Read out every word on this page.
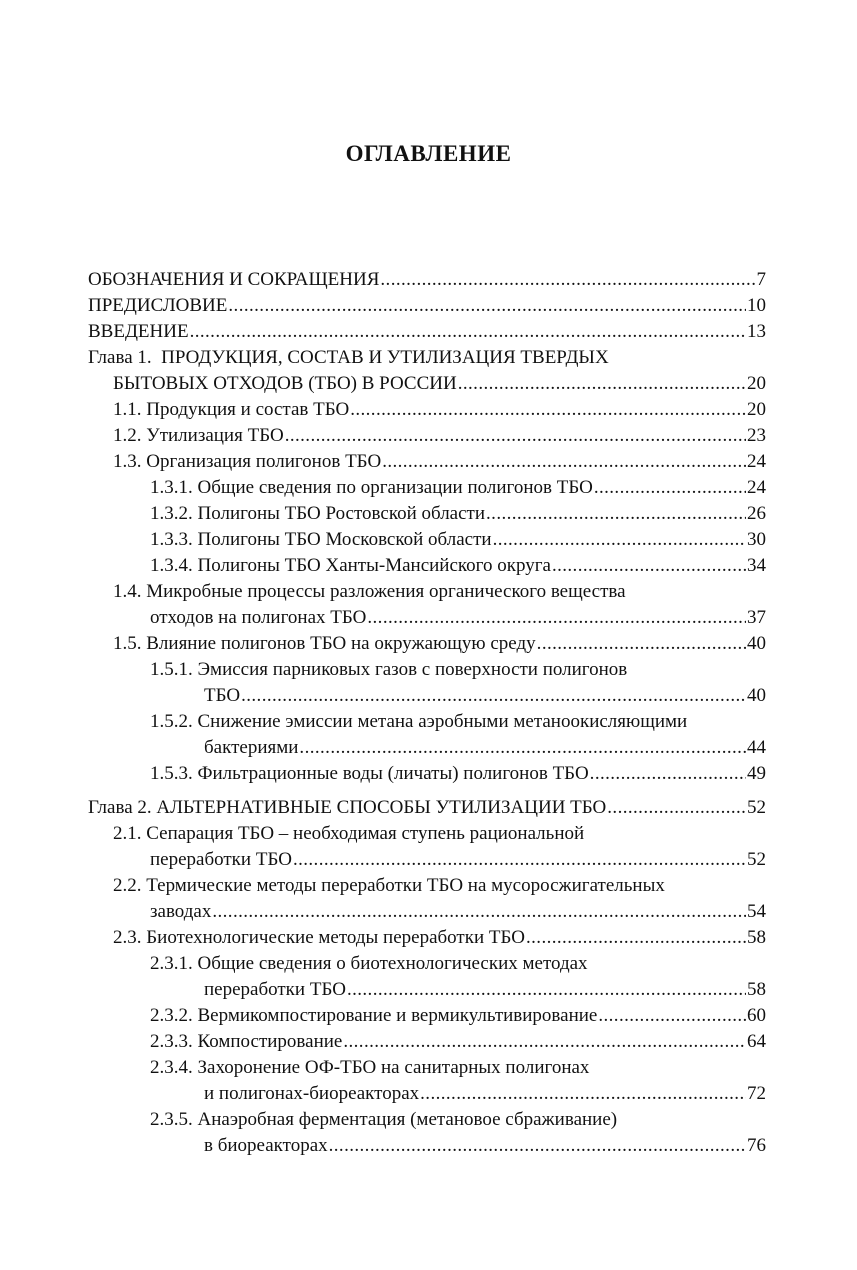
ОГЛАВЛЕНИЕ
ОБОЗНАЧЕНИЯ И СОКРАЩЕНИЯ .....	7
ПРЕДИСЛОВИЕ .....	10
ВВЕДЕНИЕ .....	13
Глава 1.  ПРОДУКЦИЯ, СОСТАВ И УТИЛИЗАЦИЯ ТВЕРДЫХ
БЫТОВЫХ ОТХОДОВ (ТБО) В РОССИИ .....	20
1.1. Продукция и состав ТБО .....	20
1.2. Утилизация ТБО .....	23
1.3. Организация полигонов ТБО .....	24
1.3.1. Общие сведения по организации полигонов ТБО .....	24
1.3.2. Полигоны ТБО Ростовской области .....	26
1.3.3. Полигоны ТБО Московской области .....	30
1.3.4. Полигоны ТБО Ханты-Мансийского округа .....	34
1.4. Микробные процессы разложения органического вещества
отходов на полигонах ТБО .....	37
1.5. Влияние полигонов ТБО на окружающую среду .....	40
1.5.1. Эмиссия парниковых газов с поверхности полигонов
ТБО .....	40
1.5.2. Снижение эмиссии метана аэробными метаноокисляющими
бактериями .....	44
1.5.3. Фильтрационные воды (личаты) полигонов ТБО .....	49
Глава 2. АЛЬТЕРНАТИВНЫЕ СПОСОБЫ УТИЛИЗАЦИИ ТБО .....	52
2.1. Сепарация ТБО – необходимая ступень рациональной
переработки ТБО .....	52
2.2. Термические методы переработки ТБО на мусоросжигательных
заводах .....	54
2.3. Биотехнологические методы переработки ТБО .....	58
2.3.1. Общие сведения о биотехнологических методах
переработки ТБО .....	58
2.3.2. Вермикомпостирование и вермикультивирование .....	60
2.3.3. Компостирование .....	64
2.3.4. Захоронение ОФ-ТБО на санитарных полигонах
и полигонах-биореакторах .....	72
2.3.5. Анаэробная ферментация (метановое сбраживание)
в биореакторах .....	76
